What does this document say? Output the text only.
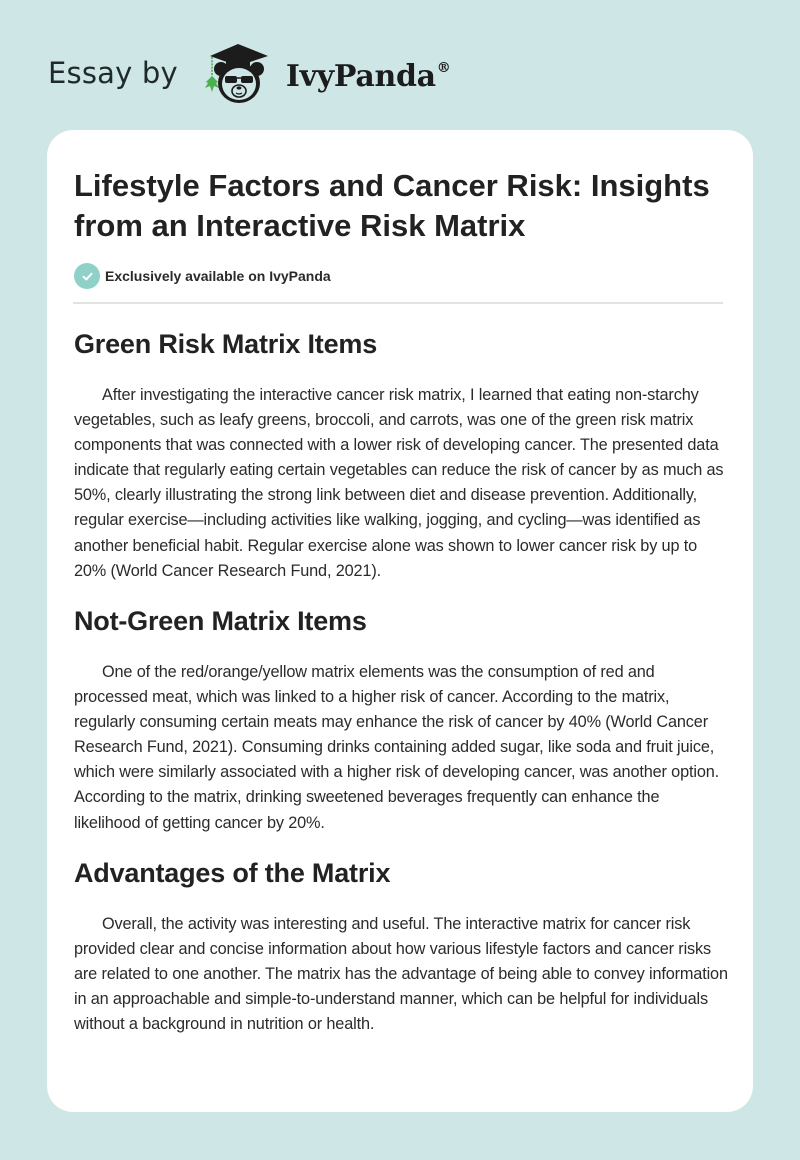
Essay by	IvyPanda®
Lifestyle Factors and Cancer Risk: Insights from an Interactive Risk Matrix
Exclusively available on IvyPanda
Green Risk Matrix Items

After investigating the interactive cancer risk matrix, I learned that eating non-starchy vegetables, such as leafy greens, broccoli, and carrots, was one of the green risk matrix components that was connected with a lower risk of developing cancer. The presented data indicate that regularly eating certain vegetables can reduce the risk of cancer by as much as 50%, clearly illustrating the strong link between diet and disease prevention. Additionally, regular exercise—including activities like walking, jogging, and cycling—was identified as another beneficial habit. Regular exercise alone was shown to lower cancer risk by up to 20% (World Cancer Research Fund, 2021).

Not-Green Matrix Items

One of the red/orange/yellow matrix elements was the consumption of red and processed meat, which was linked to a higher risk of cancer. According to the matrix, regularly consuming certain meats may enhance the risk of cancer by 40% (World Cancer Research Fund, 2021). Consuming drinks containing added sugar, like soda and fruit juice, which were similarly associated with a higher risk of developing cancer, was another option. According to the matrix, drinking sweetened beverages frequently can enhance the likelihood of getting cancer by 20%.

Advantages of the Matrix

Overall, the activity was interesting and useful. The interactive matrix for cancer risk provided clear and concise information about how various lifestyle factors and cancer risks are related to one another. The matrix has the advantage of being able to convey information in an approachable and simple-to-understand manner, which can be helpful for individuals without a background in nutrition or health.
